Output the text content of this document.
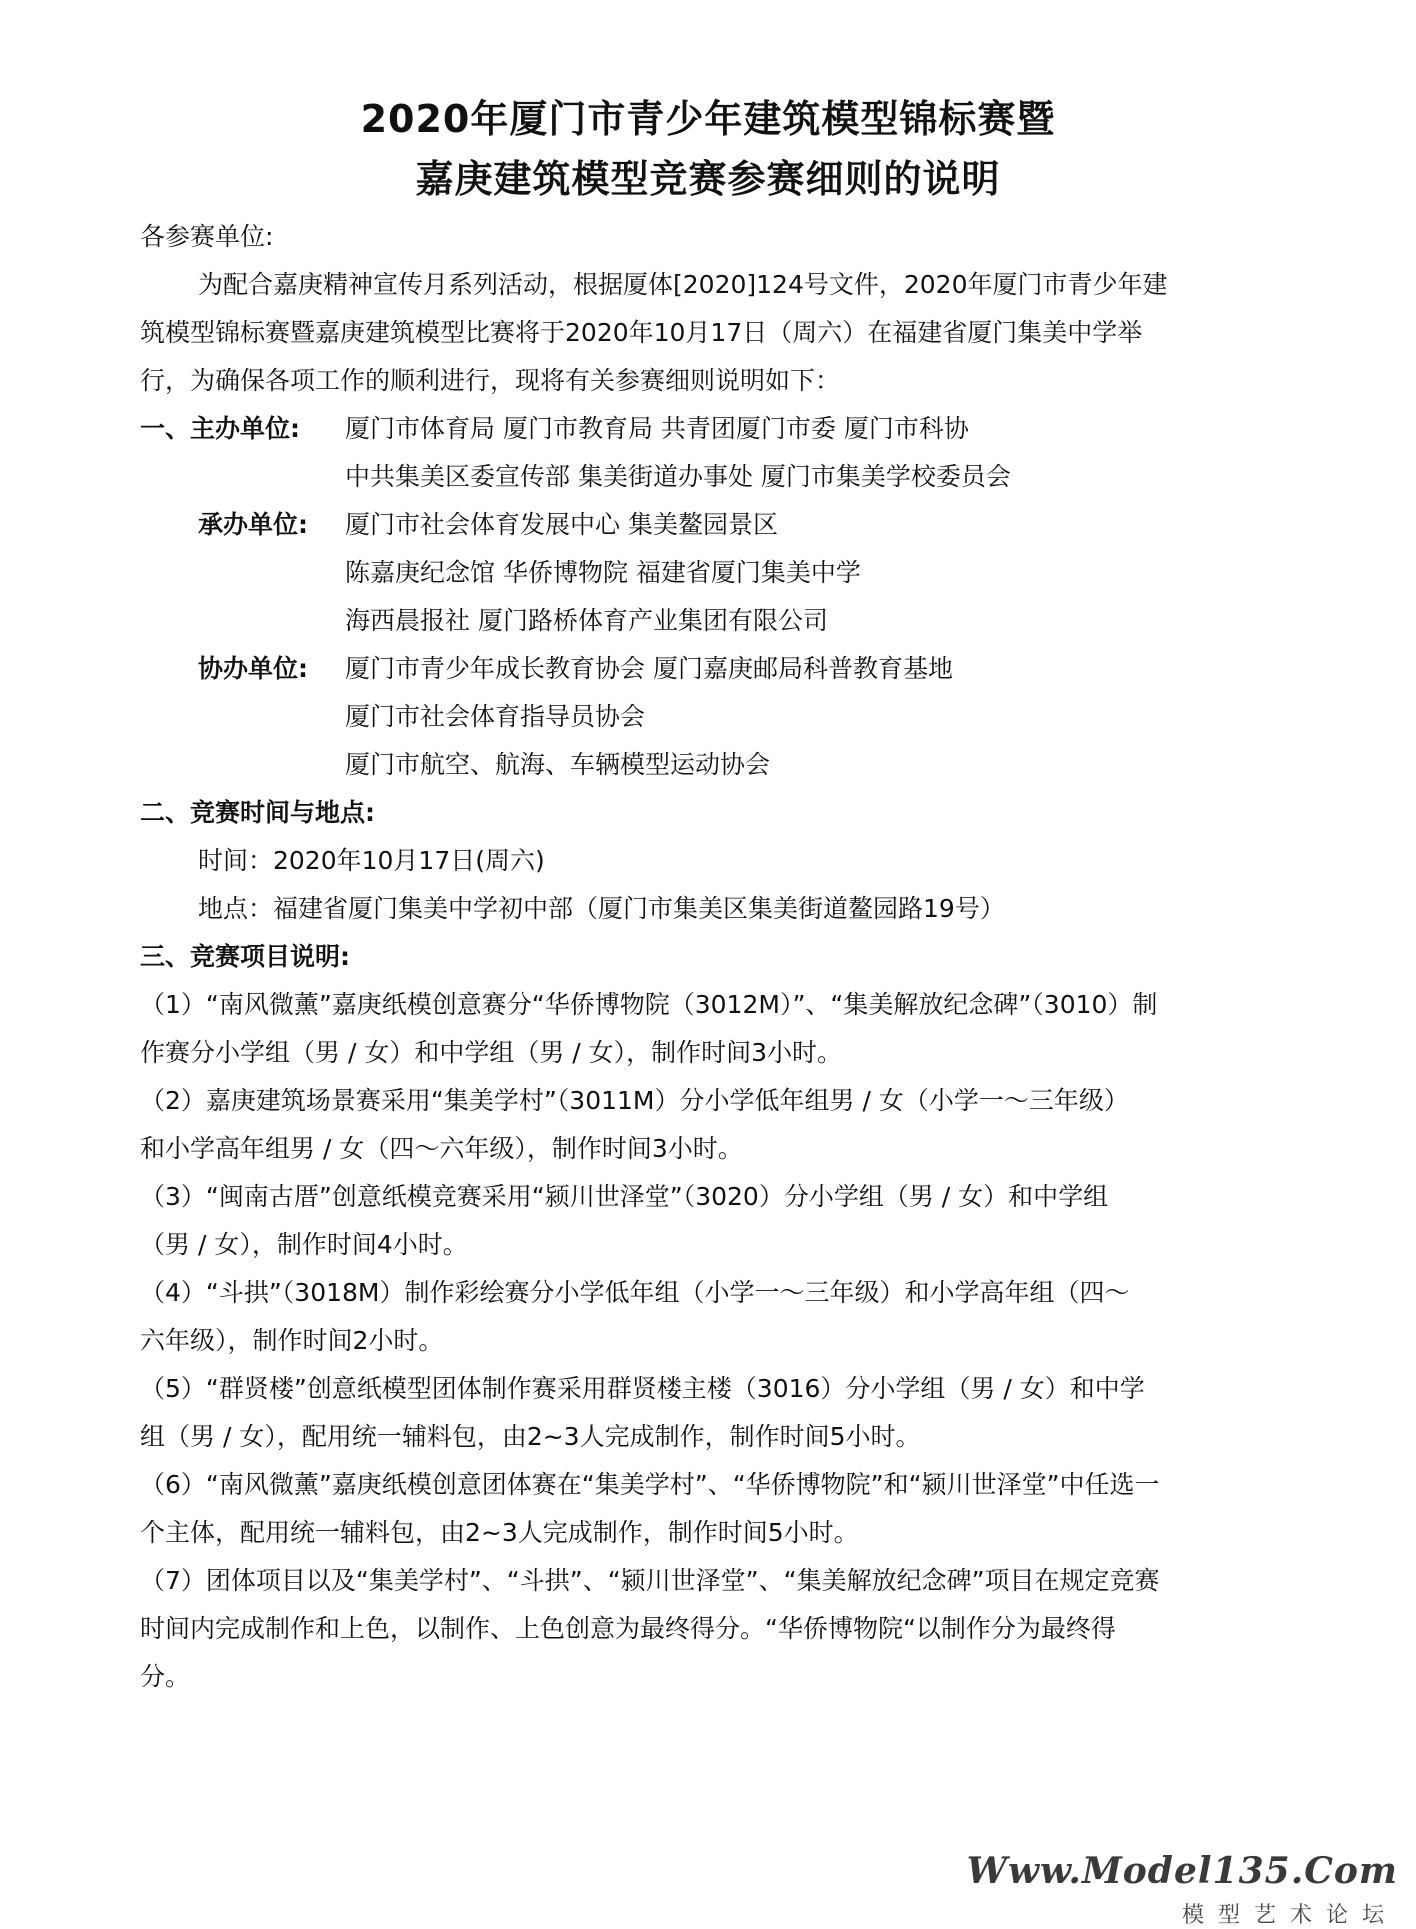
2020年厦门市青少年建筑模型锦标赛暨
嘉庚建筑模型竞赛参赛细则的说明
各参赛单位:
为配合嘉庚精神宣传月系列活动，根据厦体[2020]124号文件，2020年厦门市青少年建
筑模型锦标赛暨嘉庚建筑模型比赛将于2020年10月17日（周六）在福建省厦门集美中学举
行，为确保各项工作的顺利进行，现将有关参赛细则说明如下：
一、主办单位:	厦门市体育局 厦门市教育局 共青团厦门市委 厦门市科协
中共集美区委宣传部 集美街道办事处 厦门市集美学校委员会
承办单位:	厦门市社会体育发展中心 集美鳌园景区
陈嘉庚纪念馆 华侨博物院 福建省厦门集美中学
海西晨报社 厦门路桥体育产业集团有限公司
协办单位:	厦门市青少年成长教育协会 厦门嘉庚邮局科普教育基地
厦门市社会体育指导员协会
厦门市航空、航海、车辆模型运动协会
二、竞赛时间与地点:
时间：2020年10月17日(周六)
地点：福建省厦门集美中学初中部（厦门市集美区集美街道鳌园路19号）
三、竞赛项目说明:
（1）“南风微薰”嘉庚纸模创意赛分“华侨博物院（3012M）”、“集美解放纪念碑”（3010）制
作赛分小学组（男 / 女）和中学组（男 / 女），制作时间3小时。
（2）嘉庚建筑场景赛采用“集美学村”（3011M）分小学低年组男 / 女（小学一～三年级）
和小学高年组男 / 女（四～六年级），制作时间3小时。
（3）“闽南古厝”创意纸模竞赛采用“颍川世泽堂”（3020）分小学组（男 / 女）和中学组
（男 / 女），制作时间4小时。
（4）“斗拱”（3018M）制作彩绘赛分小学低年组（小学一～三年级）和小学高年组（四～
六年级），制作时间2小时。
（5）“群贤楼”创意纸模型团体制作赛采用群贤楼主楼（3016）分小学组（男 / 女）和中学
组（男 / 女），配用统一辅料包，由2~3人完成制作，制作时间5小时。
（6）“南风微薰”嘉庚纸模创意团体赛在“集美学村”、“华侨博物院”和“颍川世泽堂”中任选一
个主体，配用统一辅料包，由2~3人完成制作，制作时间5小时。
（7）团体项目以及“集美学村”、“斗拱”、“颍川世泽堂”、“集美解放纪念碑”项目在规定竞赛
时间内完成制作和上色，以制作、上色创意为最终得分。“华侨博物院“以制作分为最终得
分。
Www.Model135.Com
模型艺术论坛
